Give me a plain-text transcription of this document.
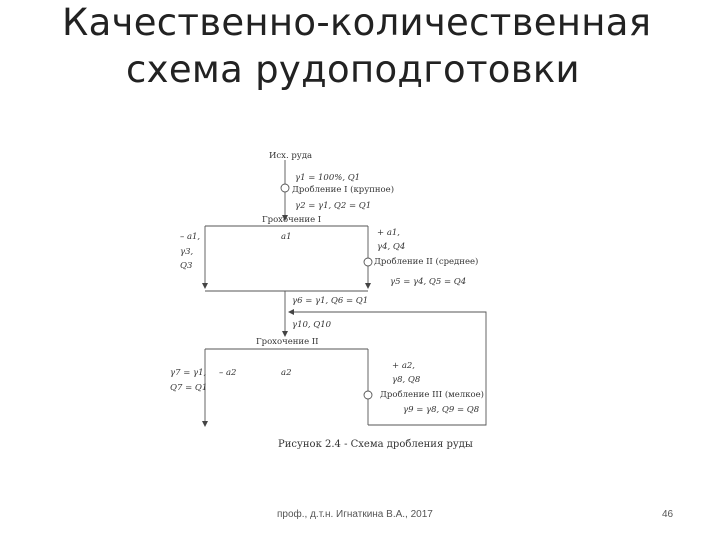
Качественно-количественная
схема рудоподготовки
Исх. руда
γ1 = 100%, Q1
Дробление I (крупное)
γ2 = γ1, Q2 = Q1
Грохочение I
a1
– a1,
γ3,
Q3
+ a1,
γ4, Q4
Дробление II (среднее)
γ5 = γ4, Q5 = Q4
γ6 = γ1, Q6 = Q1
γ10, Q10
Грохочение II
γ7 = γ1,
Q7 = Q1
– a2	a2
+ a2,
γ8, Q8
Дробление III (мелкое)
γ9 = γ8, Q9 = Q8
Рисунок 2.4 - Схема дробления руды
проф., д.т.н. Игнаткина В.А., 2017	46
